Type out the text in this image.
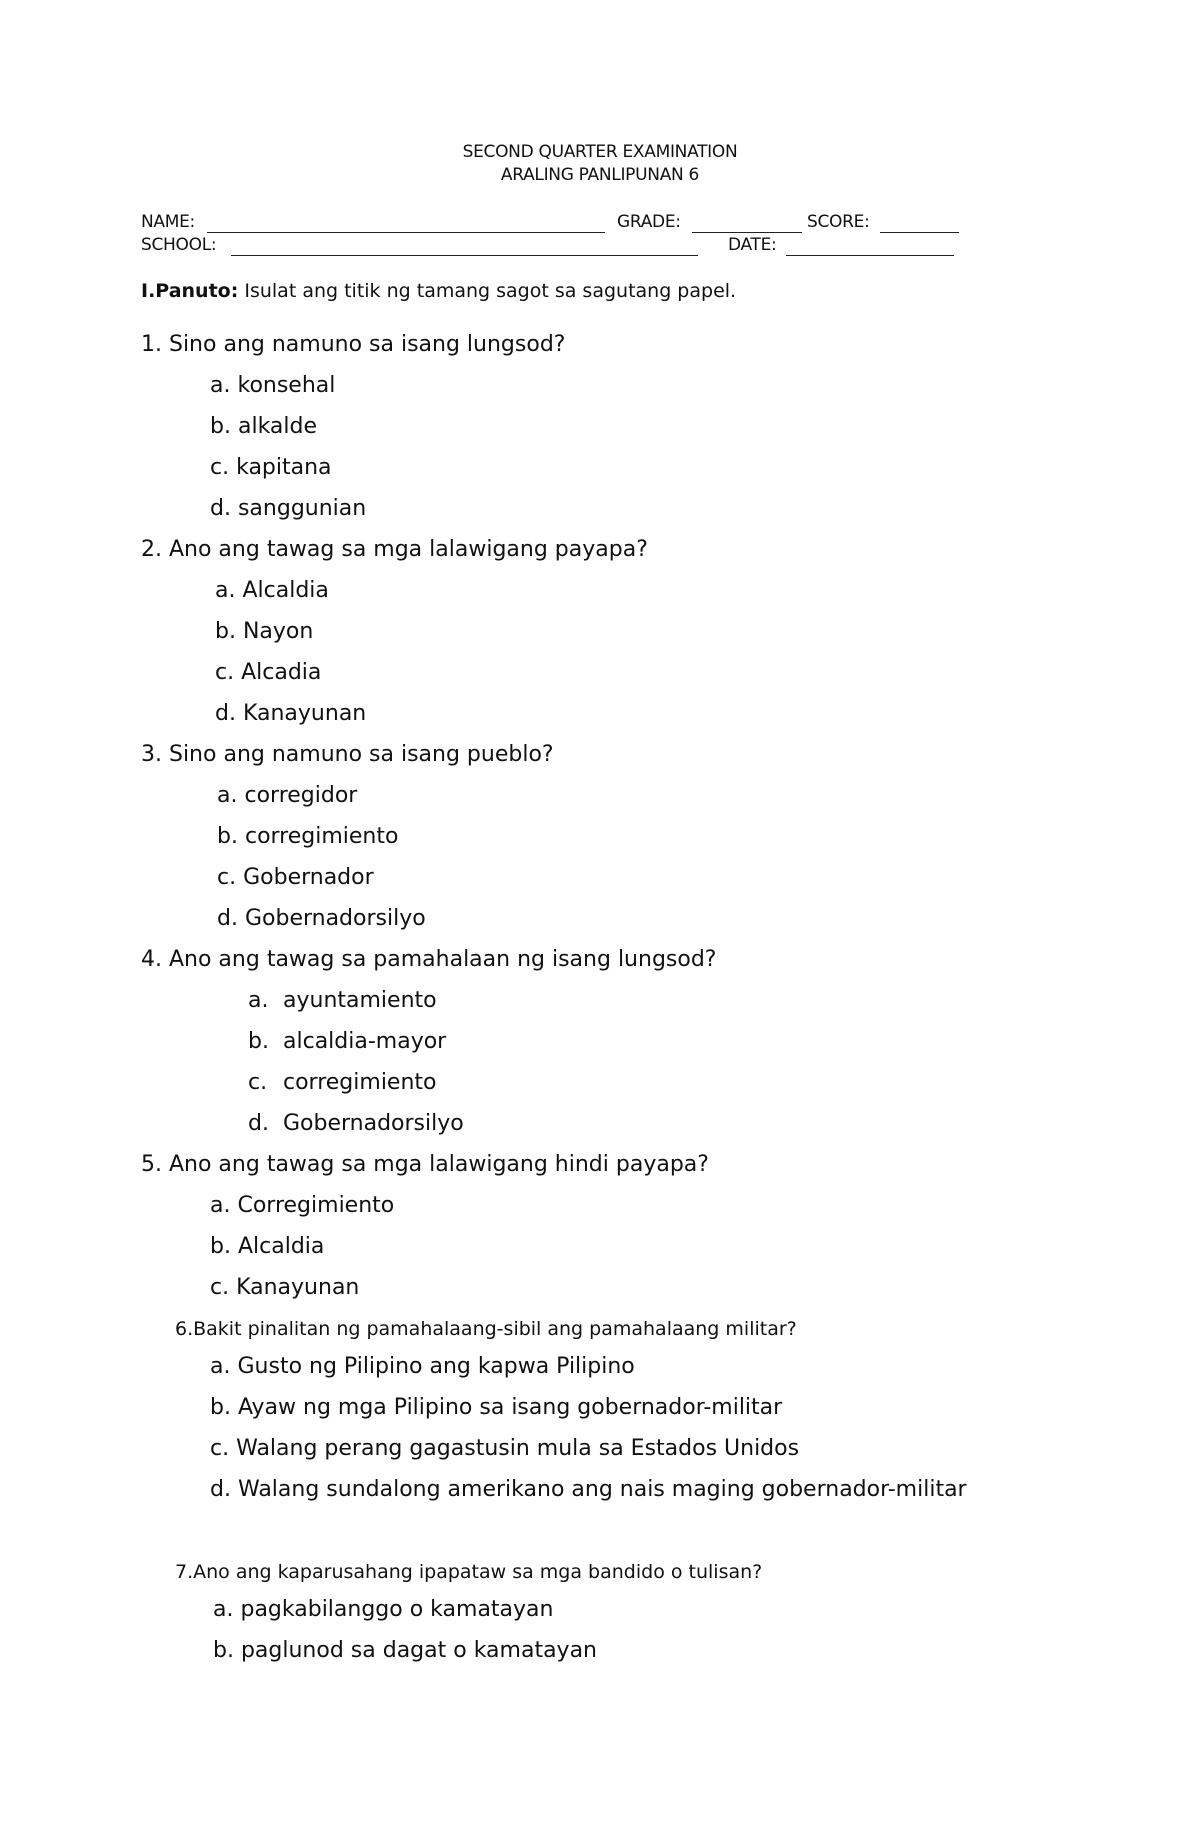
SECOND QUARTER EXAMINATION
ARALING PANLIPUNAN 6
NAME:	GRADE:	SCORE:
SCHOOL:	DATE:
I.Panuto: Isulat ang titik ng tamang sagot sa sagutang papel.
1. Sino ang namuno sa isang lungsod?
a. konsehal
b. alkalde
c. kapitana
d. sanggunian
2. Ano ang tawag sa mga lalawigang payapa?
a. Alcaldia
b. Nayon
c. Alcadia
d. Kanayunan
3. Sino ang namuno sa isang pueblo?
a. corregidor
b. corregimiento
c. Gobernador
d. Gobernadorsilyo
4. Ano ang tawag sa pamahalaan ng isang lungsod?
a. ayuntamiento
b. alcaldia-mayor
c. corregimiento
d. Gobernadorsilyo
5. Ano ang tawag sa mga lalawigang hindi payapa?
a. Corregimiento
b. Alcaldia
c. Kanayunan
6.Bakit pinalitan ng pamahalaang-sibil ang pamahalaang militar?
a. Gusto ng Pilipino ang kapwa Pilipino
b. Ayaw ng mga Pilipino sa isang gobernador-militar
c. Walang perang gagastusin mula sa Estados Unidos
d. Walang sundalong amerikano ang nais maging gobernador-militar
7.Ano ang kaparusahang ipapataw sa mga bandido o tulisan?
a. pagkabilanggo o kamatayan
b. paglunod sa dagat o kamatayan
